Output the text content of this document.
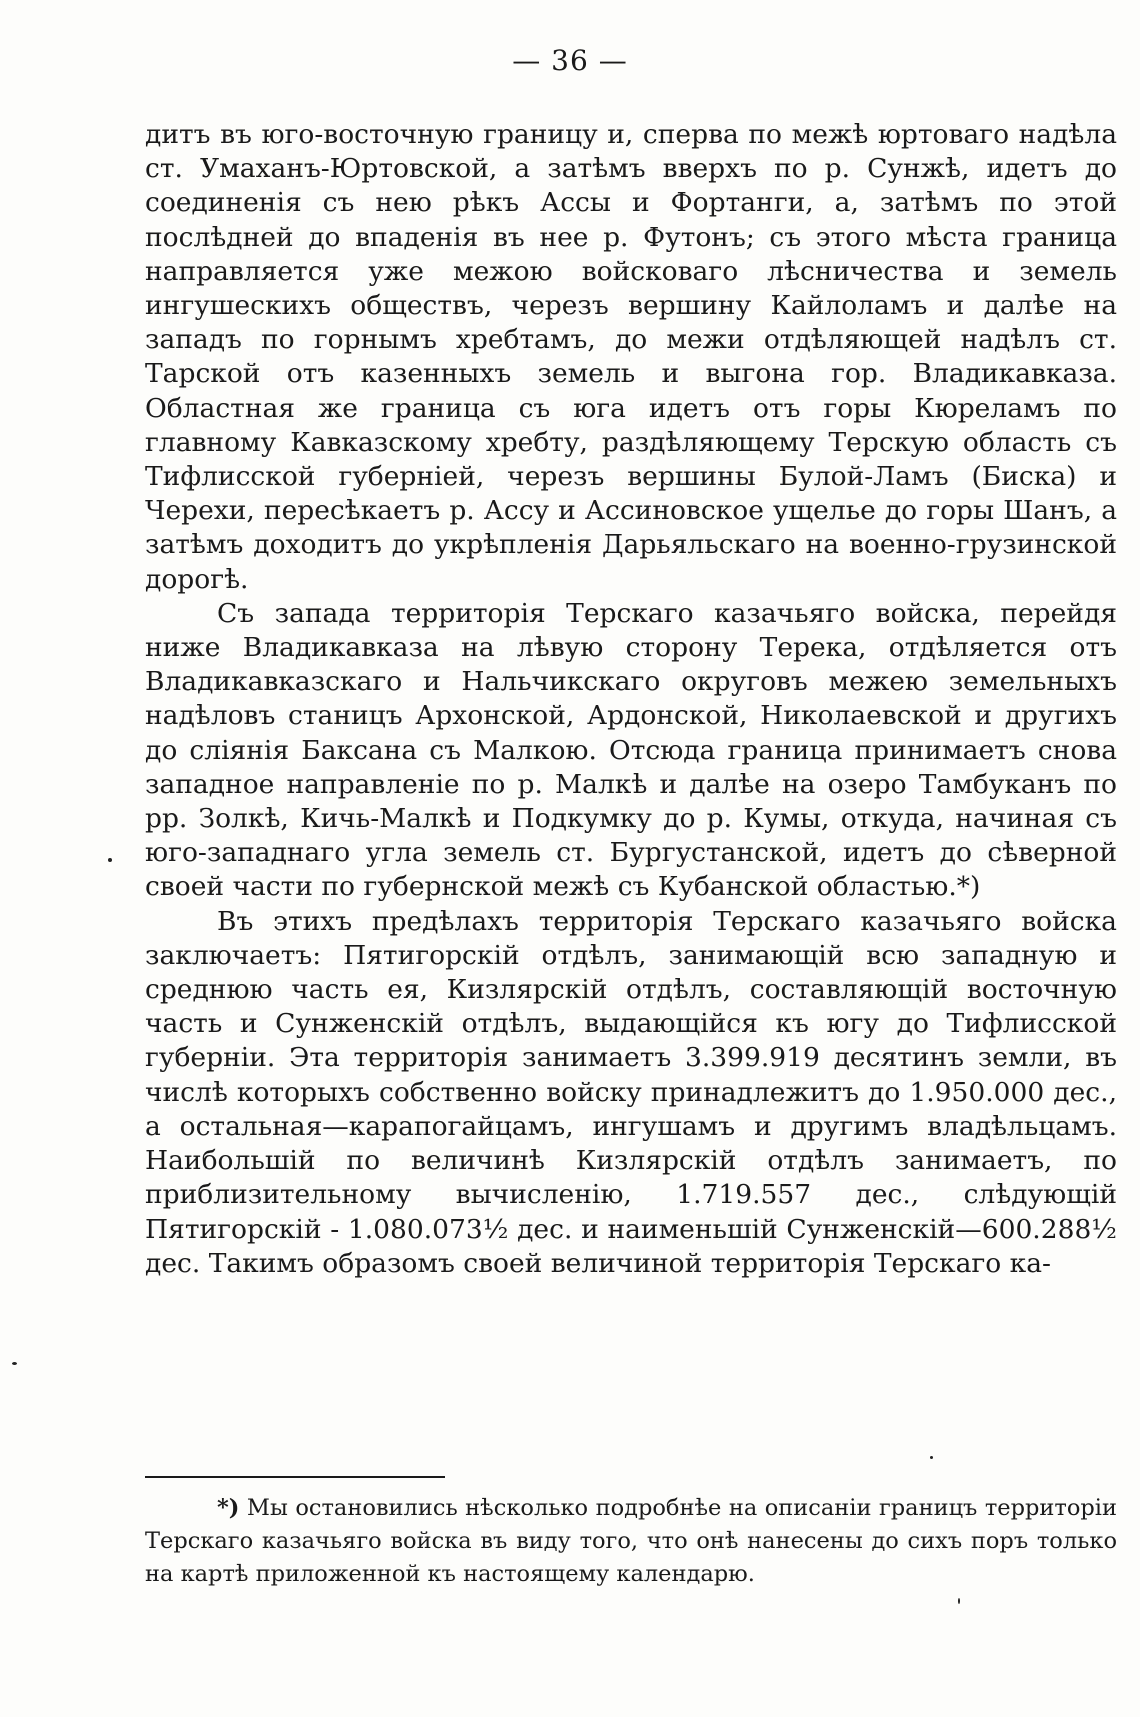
— 36 —

дитъ въ юго-восточную границу и, сперва по межѣ юртоваго надѣла ст. Умаханъ-Юртовской, а затѣмъ вверхъ по р. Сунжѣ, идетъ до соединенія съ нею рѣкъ Ассы и Фортанги, а, затѣмъ по этой послѣдней до впаденія въ нее р. Футонъ; съ этого мѣста граница направляется уже межою войсковаго лѣсничества и земель ингушескихъ обществъ, черезъ вершину Кайлоламъ и далѣе на западъ по горнымъ хребтамъ, до межи отдѣляющей надѣлъ ст. Тарской отъ казенныхъ земель и выгона гор. Владикавказа. Областная же граница съ юга идетъ отъ горы Кюреламъ по главному Кавказскому хребту, раздѣляющему Терскую область съ Тифлисской губерніей, черезъ вершины Булой-Ламъ (Биска) и Черехи, пересѣкаетъ р. Ассу и Ассиновское ущелье до горы Шанъ, а затѣмъ доходитъ до укрѣпленія Дарьяльскаго на военно-грузинской дорогѣ.

Съ запада территорія Терскаго казачьяго войска, перейдя ниже Владикавказа на лѣвую сторону Терека, отдѣляется отъ Владикавказскаго и Нальчикскаго округовъ межею земельныхъ надѣловъ станицъ Архонской, Ардонской, Николаевской и другихъ до сліянія Баксана съ Малкою. Отсюда граница принимаетъ снова западное направленіе по р. Малкѣ и далѣе на озеро Тамбуканъ по рр. Золкѣ, Кичь-Малкѣ и Подкумку до р. Кумы, откуда, начиная съ юго-западнаго угла земель ст. Бургустанской, идетъ до сѣверной своей части по губернской межѣ съ Кубанской областью.*)

Въ этихъ предѣлахъ территорія Терскаго казачьяго войска заключаетъ: Пятигорскій отдѣлъ, занимающій всю западную и среднюю часть ея, Кизлярскій отдѣлъ, составляющій восточную часть и Сунженскій отдѣлъ, выдающійся къ югу до Тифлисской губерніи. Эта территорія занимаетъ 3.399.919 десятинъ земли, въ числѣ которыхъ собственно войску принадлежитъ до 1.950.000 дес., а остальная—карапогайцамъ, ингушамъ и другимъ владѣльцамъ. Наибольшій по величинѣ Кизлярскій отдѣлъ занимаетъ, по приблизительному вычисленію, 1.719.557 дес., слѣдующій Пятигорскій - 1.080.073½ дес. и наименьшій Сунженскій—600.288½ дес. Такимъ образомъ своей величиной территорія Терскаго ка-

*) Мы остановились нѣсколько подробнѣе на описаніи границъ территоріи Терскаго казачьяго войска въ виду того, что онѣ нанесены до сихъ поръ только на картѣ приложенной къ настоящему календарю.
